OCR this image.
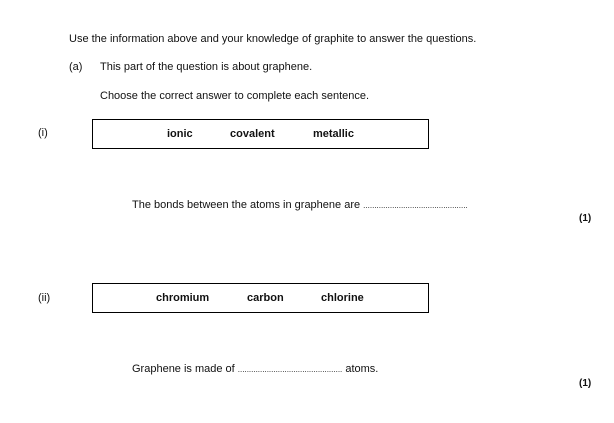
Use the information above and your knowledge of graphite to answer the questions.
(a) This part of the question is about graphene.
Choose the correct answer to complete each sentence.
(i)	ionic	covalent	metallic
The bonds between the atoms in graphene are ...............................................
(1)
(ii)	chromium	carbon	chlorine
Graphene is made of ............................................... atoms.
(1)
